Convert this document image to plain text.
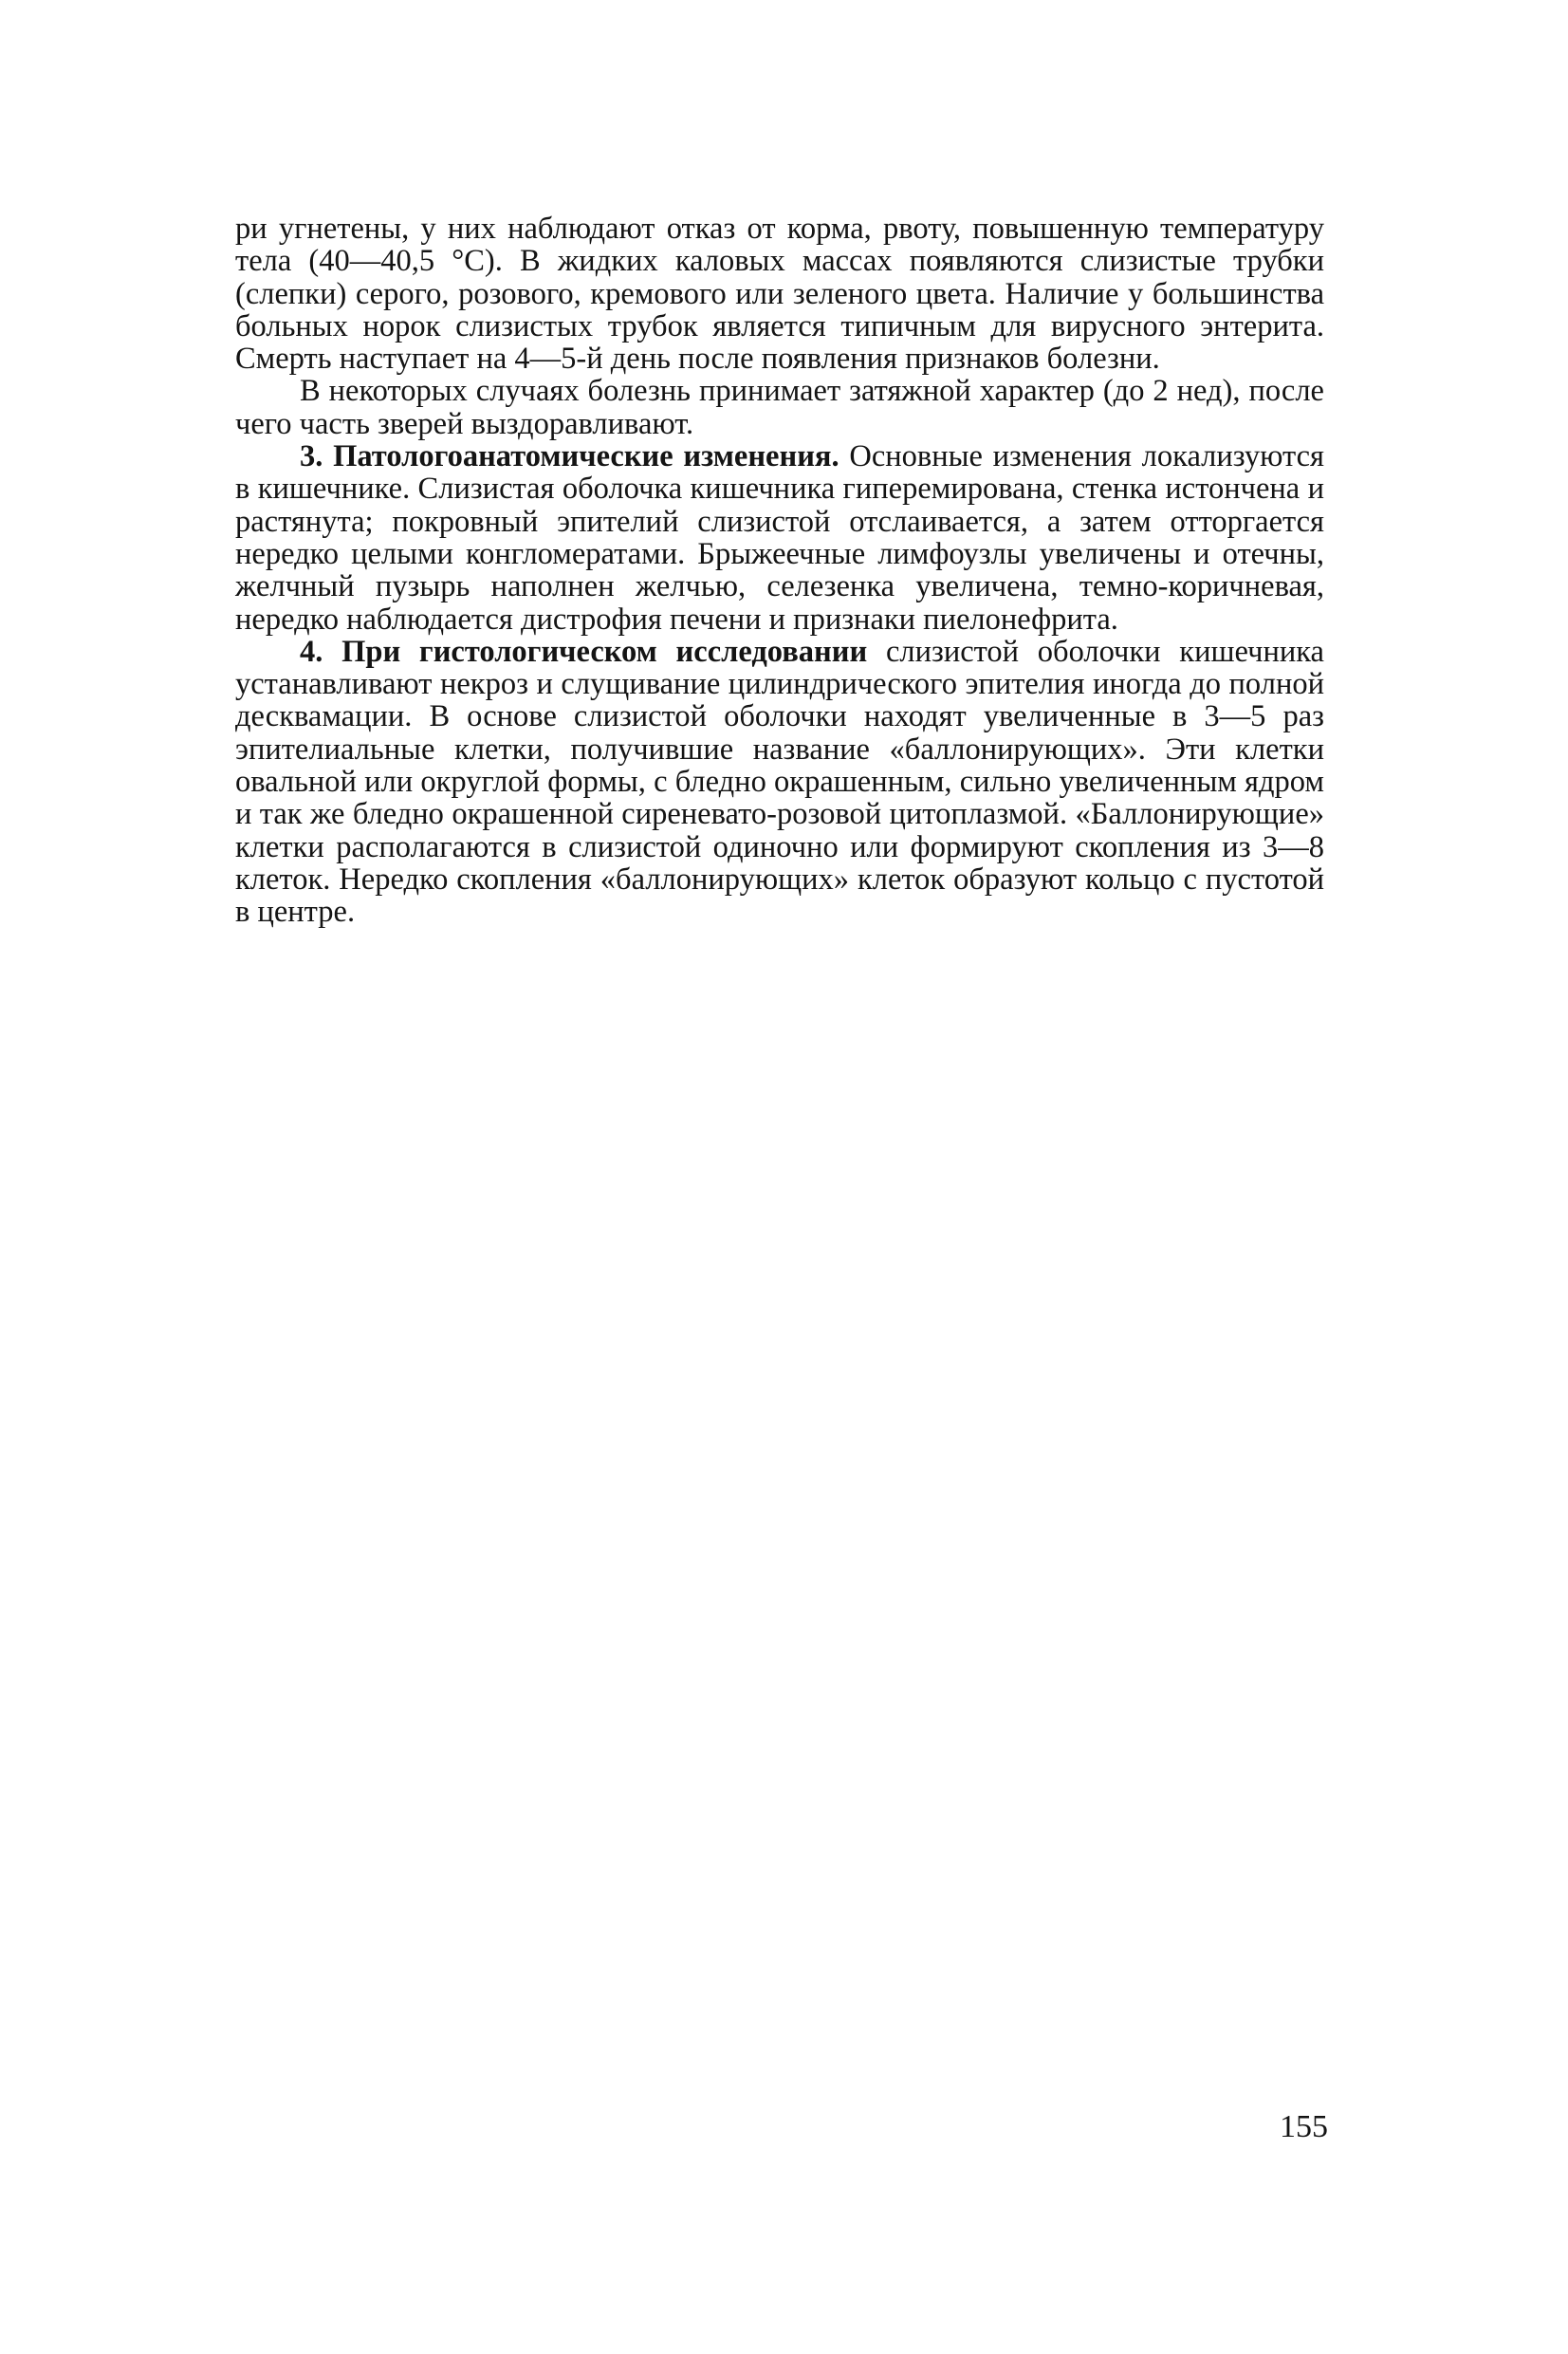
ри угнетены, у них наблюдают отказ от корма, рвоту, повышенную температуру тела (40—40,5 °С). В жидких каловых массах появляются слизистые трубки (слепки) серого, розового, кремового или зеленого цвета. Наличие у большинства больных норок слизистых трубок является типичным для вирусного энтерита. Смерть наступает на 4—5-й день после появления признаков болезни.

В некоторых случаях болезнь принимает затяжной характер (до 2 нед), после чего часть зверей выздоравливают.

3. Патологоанатомические изменения. Основные изменения локализуются в кишечнике. Слизистая оболочка кишечника гиперемирована, стенка истончена и растянута; покровный эпителий слизистой отслаивается, а затем отторгается нередко целыми конгломератами. Брыжеечные лимфоузлы увеличены и отечны, желчный пузырь наполнен желчью, селезенка увеличена, темно-коричневая, нередко наблюдается дистрофия печени и признаки пиелонефрита.

4. При гистологическом исследовании слизистой оболочки кишечника устанавливают некроз и слущивание цилиндрического эпителия иногда до полной десквамации. В основе слизистой оболочки находят увеличенные в 3—5 раз эпителиальные клетки, получившие название «баллонирующих». Эти клетки овальной или округлой формы, с бледно окрашенным, сильно увеличенным ядром и так же бледно окрашенной сиреневато-розовой цитоплазмой. «Баллонирующие» клетки располагаются в слизистой одиночно или формируют скопления из 3—8 клеток. Нередко скопления «баллонирующих» клеток образуют кольцо с пустотой в центре.

155
